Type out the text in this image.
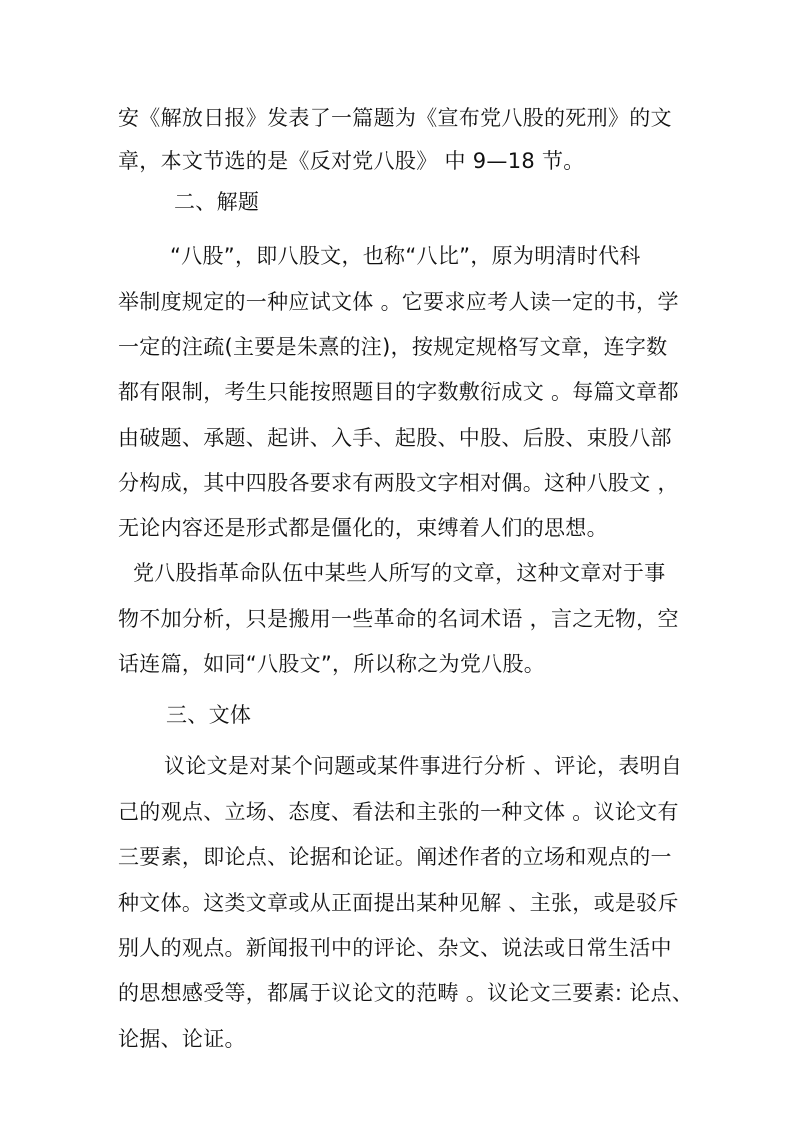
安《解放日报》发表了一篇题为《宣布党八股的死刑》的文
章，本文节选的是《反对党八股》 中 9—18 节。
二、解题
“八股”，即八股文，也称“八比”，原为明清时代科
举制度规定的一种应试文体 。它要求应考人读一定的书，学
一定的注疏(主要是朱熹的注)，按规定规格写文章，连字数
都有限制，考生只能按照题目的字数敷衍成文 。每篇文章都
由破题、承题、起讲、入手、起股、中股、后股、束股八部
分构成，其中四股各要求有两股文字相对偶。这种八股文 ，
无论内容还是形式都是僵化的，束缚着人们的思想。
党八股指革命队伍中某些人所写的文章，这种文章对于事
物不加分析，只是搬用一些革命的名词术语 ，言之无物，空
话连篇，如同“八股文”，所以称之为党八股。
三、文体
议论文是对某个问题或某件事进行分析 、评论，表明自
己的观点、立场、态度、看法和主张的一种文体 。议论文有
三要素，即论点、论据和论证。阐述作者的立场和观点的一
种文体。这类文章或从正面提出某种见解 、主张，或是驳斥
别人的观点。新闻报刊中的评论、杂文、说法或日常生活中
的思想感受等，都属于议论文的范畴 。议论文三要素: 论点、
论据、论证。
